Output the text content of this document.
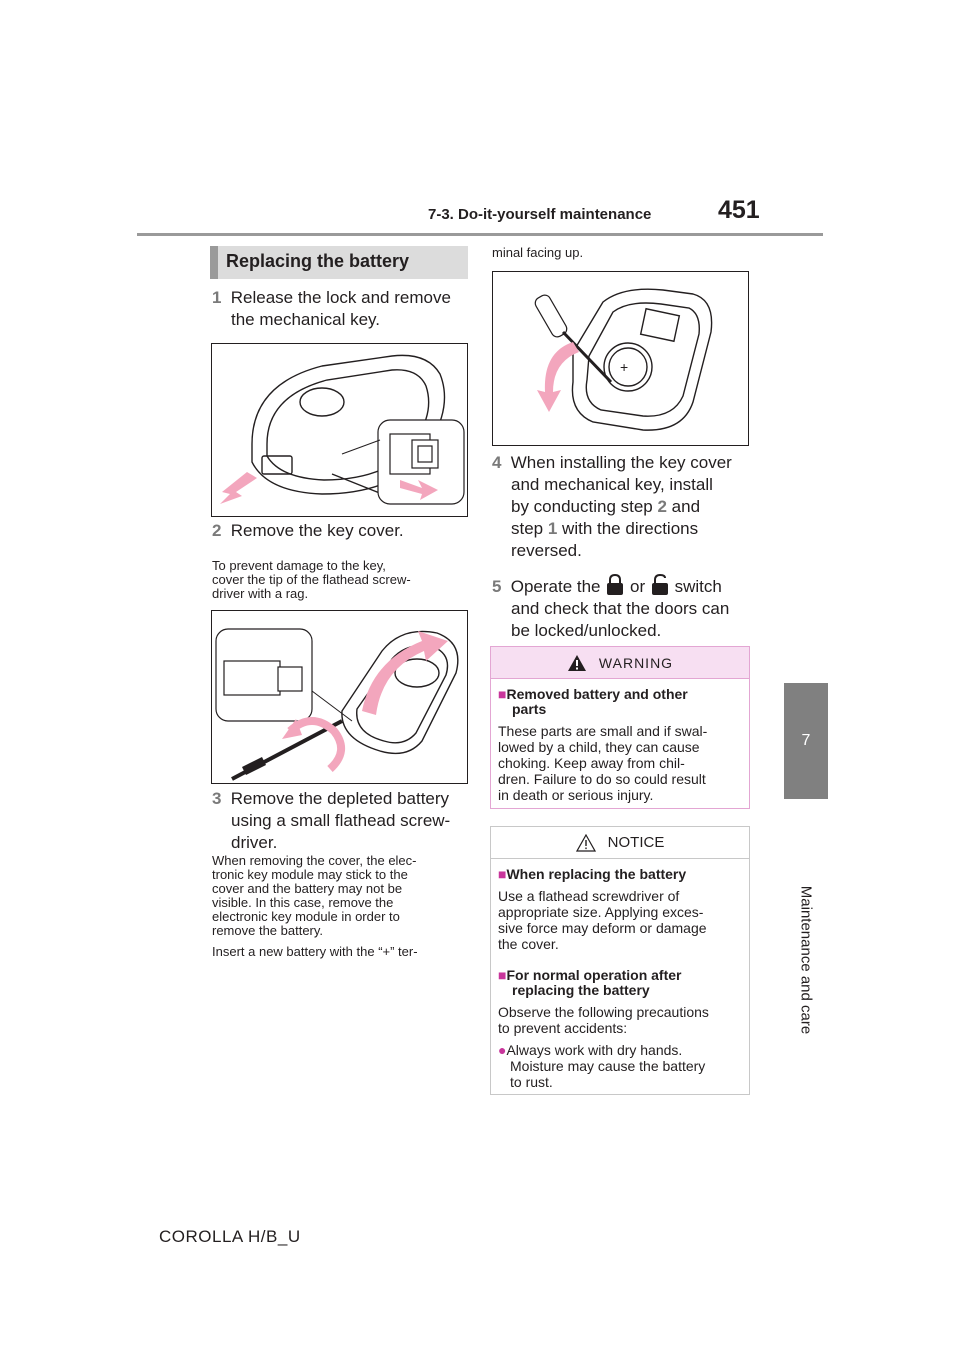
7-3. Do-it-yourself maintenance	451
7
Maintenance and care
Replacing the battery
1 Release the lock and remove
the mechanical key.
2 Remove the key cover.
To prevent damage to the key,
cover the tip of the flathead screw-
driver with a rag.
3 Remove the depleted battery
using a small flathead screw-
driver.
When removing the cover, the elec-
tronic key module may stick to the
cover and the battery may not be
visible. In this case, remove the
electronic key module in order to
remove the battery.
Insert a new battery with the “+” ter-
minal facing up.
+
4 When installing the key cover
and mechanical key, install
by conducting step 2 and
step 1 with the directions
reversed.
5 Operate the  or switch
and check that the doors can
be locked/unlocked.
WARNING
■Removed battery and other
parts
These parts are small and if swal-
lowed by a child, they can cause
choking. Keep away from chil-
dren. Failure to do so could result
in death or serious injury.
NOTICE
■When replacing the battery
Use a flathead screwdriver of
appropriate size. Applying exces-
sive force may deform or damage
the cover.
■For normal operation after
replacing the battery
Observe the following precautions
to prevent accidents:
●Always work with dry hands.
Moisture may cause the battery
to rust.
COROLLA H/B_U
